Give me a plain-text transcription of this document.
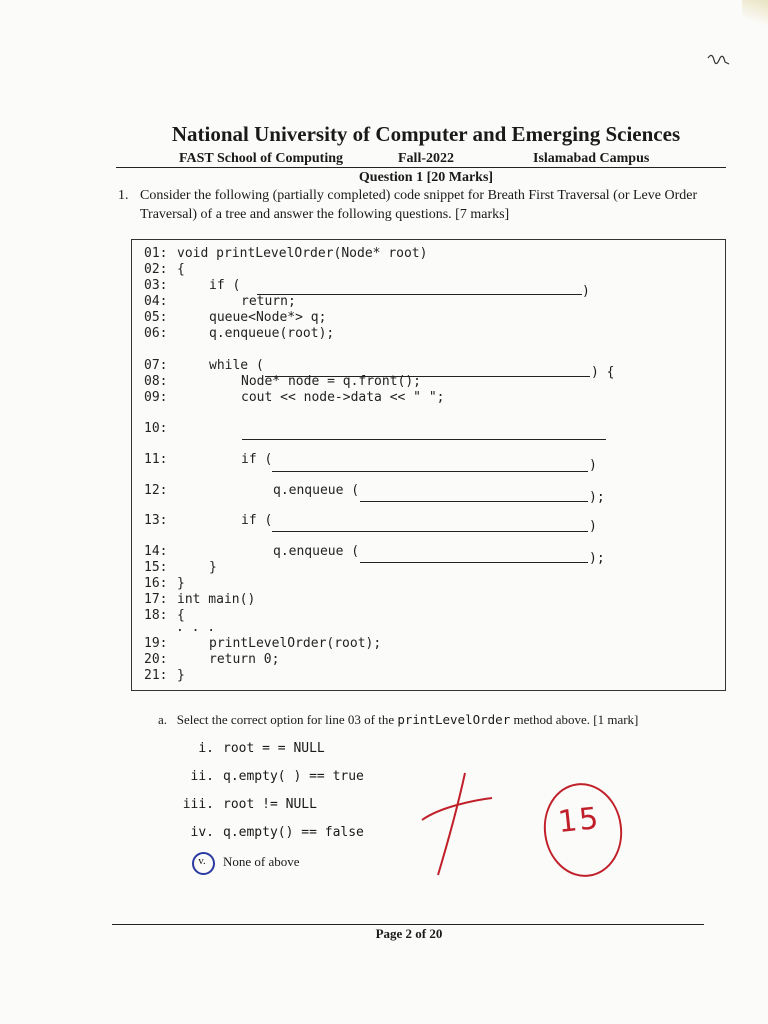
National University of Computer and Emerging Sciences
FAST School of Computing	Fall-2022	Islamabad Campus
Question 1 [20 Marks]
1. Consider the following (partially completed) code snippet for Breath First Traversal (or Leve Order Traversal) of a tree and answer the following questions. [7 marks]
01: void printLevelOrder(Node* root)
02: {
03:	if (
04:	return;
05:	queue<Node*> q;
06:	q.enqueue(root);
07:	while (
08:	Node* node = q.front();
09:	cout << node->data << " ";
10:
11:	if (
12:	q.enqueue (
13:	if (
14:	q.enqueue (
15:	}
16: }
17: int main()
18: {
19:	printLevelOrder(root);
20:	return 0;
21: }
)
) {
)
);
)
);
. . .
a. Select the correct option for line 03 of the printLevelOrder method above. [1 mark]
i. root = = NULL
ii. q.empty( ) == true
iii. root != NULL
iv. q.empty() == false
v.	None of above
15
Page 2 of 20
